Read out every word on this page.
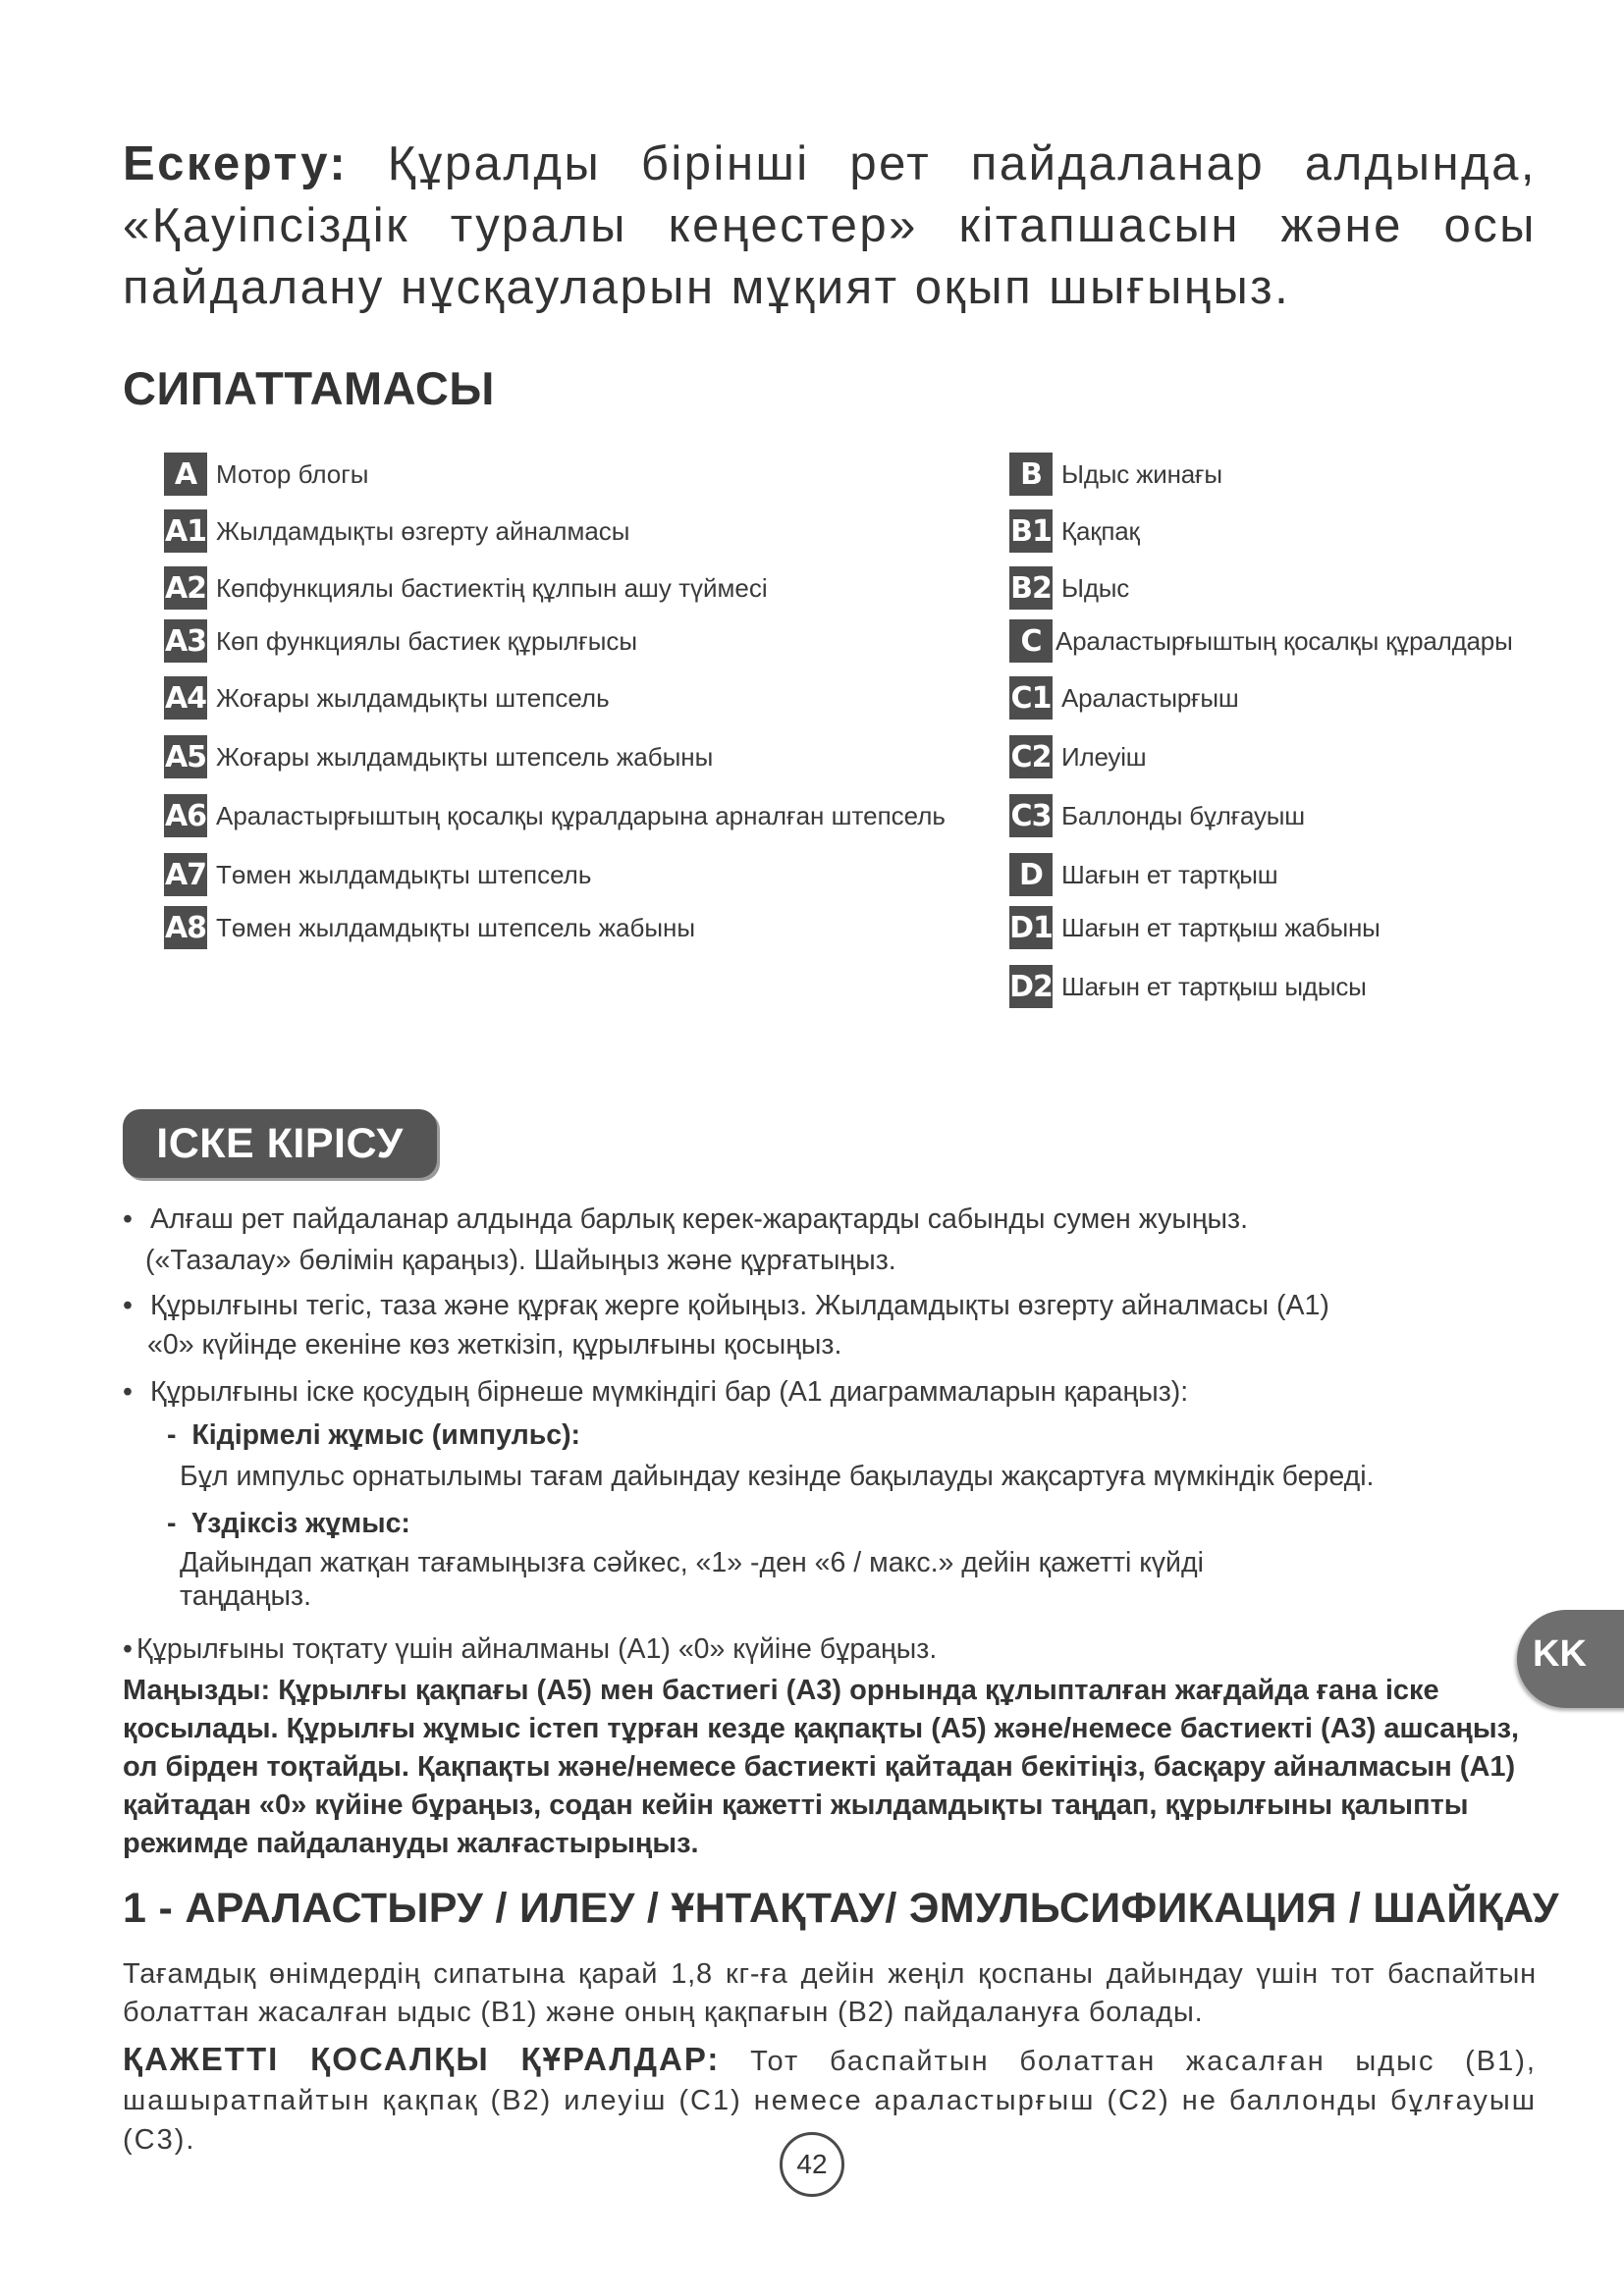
Ескерту: Құралды бірінші рет пайдаланар алдында, «Қауіпсіздік туралы кеңестер» кітапшасын және осы пайдалану нұсқауларын мұқият оқып шығыңыз.
СИПАТТАМАСЫ
A Мотор блогы
A1 Жылдамдықты өзгерту айналмасы
A2 Көпфункциялы бастиектің құлпын ашу түймесі
A3 Көп функциялы бастиек құрылғысы
A4 Жоғары жылдамдықты штепсель
A5 Жоғары жылдамдықты штепсель жабыны
A6 Араластырғыштың қосалқы құралдарына арналған штепсель
A7 Төмен жылдамдықты штепсель
A8 Төмен жылдамдықты штепсель жабыны
B Ыдыс жинағы
B1 Қақпақ
B2 Ыдыс
C Араластырғыштың қосалқы құралдары
C1 Араластырғыш
C2 Илеуіш
C3 Баллонды бұлғауыш
D Шағын ет тартқыш
D1 Шағын ет тартқыш жабыны
D2 Шағын ет тартқыш ыдысы
ІСКЕ КІРІСУ
• Алғаш рет пайдаланар алдында барлық керек-жарақтарды сабынды сумен жуыңыз.
(«Тазалау» бөлімін қараңыз). Шайыңыз және құрғатыңыз.
• Құрылғыны тегіс, таза және құрғақ жерге қойыңыз. Жылдамдықты өзгерту айналмасы (A1)
«0» күйінде екеніне көз жеткізіп, құрылғыны қосыңыз.
• Құрылғыны іске қосудың бірнеше мүмкіндігі бар (A1 диаграммаларын қараңыз):
-  Кідірмелі жұмыс (импульс):
Бұл импульс орнатылымы тағам дайындау кезінде бақылауды жақсартуға мүмкіндік береді.
-  Үздіксіз жұмыс:
Дайындап жатқан тағамыңызға сәйкес, «1» -ден «6 / макс.» дейін қажетті күйді
таңдаңыз.
• Құрылғыны тоқтату үшін айналманы (A1) «0» күйіне бұраңыз.
Маңызды: Құрылғы қақпағы (A5) мен бастиегі (A3) орнында құлыпталған жағдайда ғана іске қосылады. Құрылғы жұмыс істеп тұрған кезде қақпақты (A5) және/немесе бастиекті (A3) ашсаңыз, ол бірден тоқтайды. Қақпақты және/немесе бастиекті қайтадан бекітіңіз, басқару айналмасын (A1) қайтадан «0» күйіне бұраңыз, содан кейін қажетті жылдамдықты таңдап, құрылғыны қалыпты режимде пайдалануды жалғастырыңыз.
1 - АРАЛАСТЫРУ / ИЛЕУ / ҰНТАҚТАУ/ ЭМУЛЬСИФИКАЦИЯ / ШАЙҚАУ
Тағамдық өнімдердің сипатына қарай 1,8 кг-ға дейін жеңіл қоспаны дайындау үшін тот баспайтын болаттан жасалған ыдыс (B1) және оның қақпағын (B2) пайдалануға болады.
ҚАЖЕТТІ ҚОСАЛҚЫ ҚҰРАЛДАР: Тот баспайтын болаттан жасалған ыдыс (B1), шашыратпайтын қақпақ (B2) илеуіш (C1) немесе араластырғыш (C2) не баллонды бұлғауыш (C3).
KK
42
